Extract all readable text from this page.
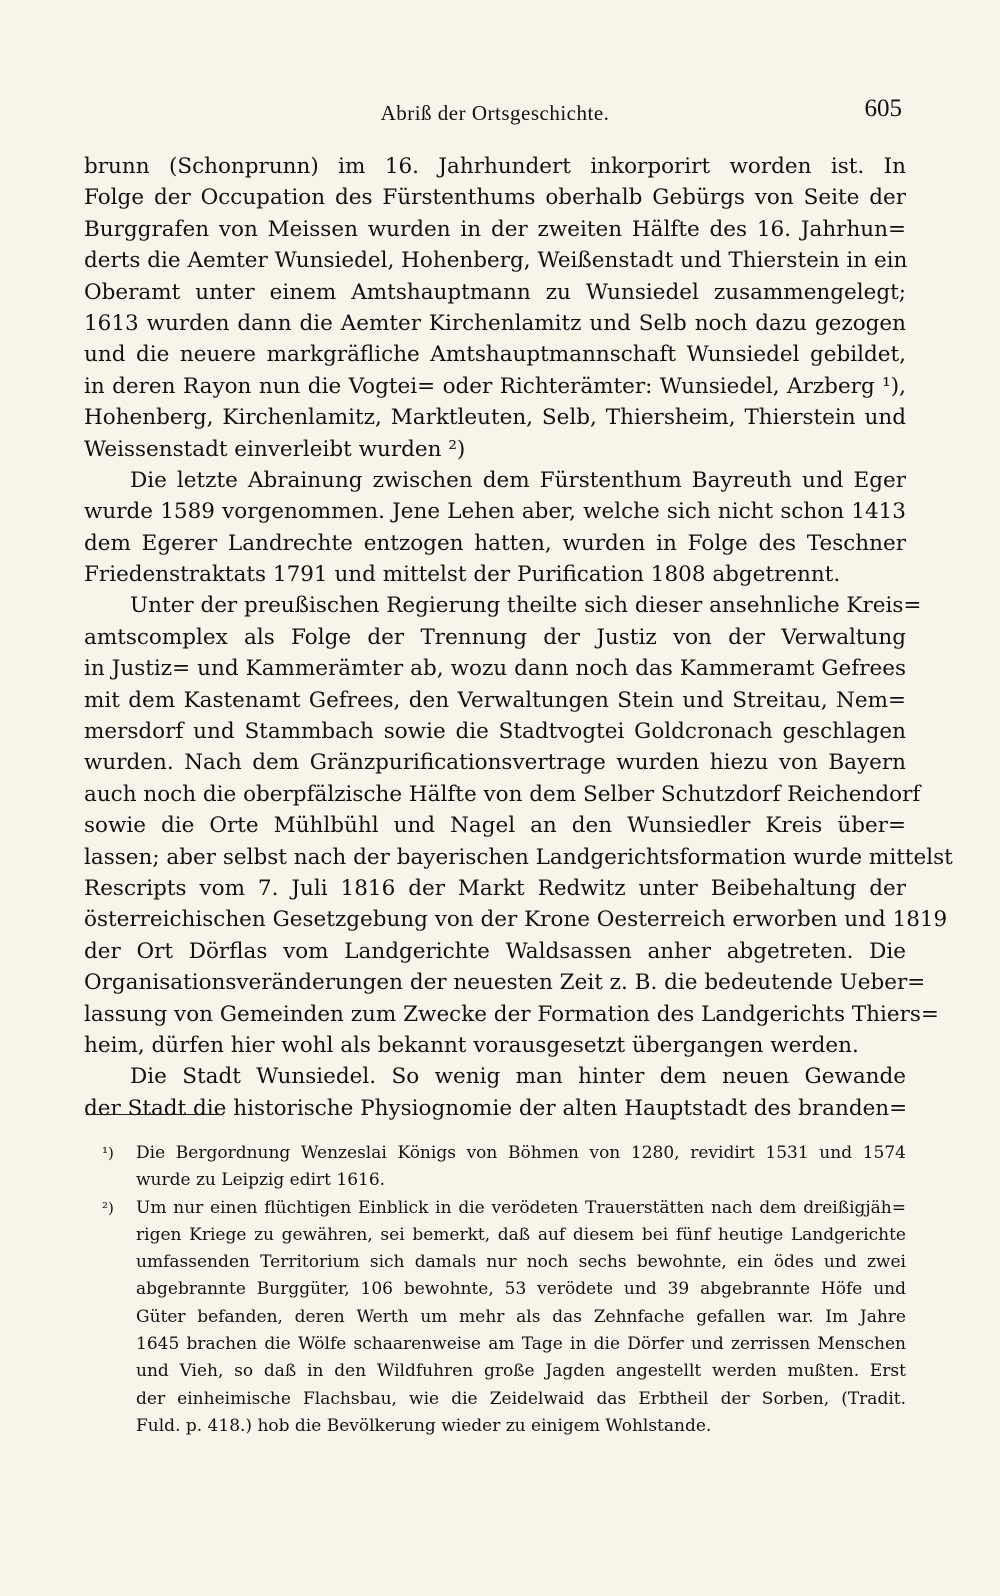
Abriß der Ortsgeschichte.	605
brunn (Schonprunn) im 16. Jahrhundert inkorporirt worden ist. In
Folge der Occupation des Fürstenthums oberhalb Gebürgs von Seite der
Burggrafen von Meissen wurden in der zweiten Hälfte des 16. Jahrhun=
derts die Aemter Wunsiedel, Hohenberg, Weißenstadt und Thierstein in ein
Oberamt unter einem Amtshauptmann zu Wunsiedel zusammengelegt;
1613 wurden dann die Aemter Kirchenlamitz und Selb noch dazu gezogen
und die neuere markgräfliche Amtshauptmannschaft Wunsiedel gebildet,
in deren Rayon nun die Vogtei= oder Richterämter: Wunsiedel, Arzberg ¹),
Hohenberg, Kirchenlamitz, Marktleuten, Selb, Thiersheim, Thierstein und
Weissenstadt einverleibt wurden ²)
Die letzte Abrainung zwischen dem Fürstenthum Bayreuth und Eger
wurde 1589 vorgenommen. Jene Lehen aber, welche sich nicht schon 1413
dem Egerer Landrechte entzogen hatten, wurden in Folge des Teschner
Friedenstraktats 1791 und mittelst der Purification 1808 abgetrennt.
Unter der preußischen Regierung theilte sich dieser ansehnliche Kreis=
amtscomplex als Folge der Trennung der Justiz von der Verwaltung
in Justiz= und Kammerämter ab, wozu dann noch das Kammeramt Gefrees
mit dem Kastenamt Gefrees, den Verwaltungen Stein und Streitau, Nem=
mersdorf und Stammbach sowie die Stadtvogtei Goldcronach geschlagen
wurden. Nach dem Gränzpurificationsvertrage wurden hiezu von Bayern
auch noch die oberpfälzische Hälfte von dem Selber Schutzdorf Reichendorf
sowie die Orte Mühlbühl und Nagel an den Wunsiedler Kreis über=
lassen; aber selbst nach der bayerischen Landgerichtsformation wurde mittelst
Rescripts vom 7. Juli 1816 der Markt Redwitz unter Beibehaltung der
österreichischen Gesetzgebung von der Krone Oesterreich erworben und 1819
der Ort Dörflas vom Landgerichte Waldsassen anher abgetreten. Die
Organisationsveränderungen der neuesten Zeit z. B. die bedeutende Ueber=
lassung von Gemeinden zum Zwecke der Formation des Landgerichts Thiers=
heim, dürfen hier wohl als bekannt vorausgesetzt übergangen werden.
Die Stadt Wunsiedel. So wenig man hinter dem neuen Gewande
der Stadt die historische Physiognomie der alten Hauptstadt des branden=
¹) Die Bergordnung Wenzeslai Königs von Böhmen von 1280, revidirt 1531 und 1574
wurde zu Leipzig edirt 1616.
²) Um nur einen flüchtigen Einblick in die verödeten Trauerstätten nach dem dreißigjäh=
rigen Kriege zu gewähren, sei bemerkt, daß auf diesem bei fünf heutige Landgerichte
umfassenden Territorium sich damals nur noch sechs bewohnte, ein ödes und zwei
abgebrannte Burggüter, 106 bewohnte, 53 verödete und 39 abgebrannte Höfe und
Güter befanden, deren Werth um mehr als das Zehnfache gefallen war. Im Jahre
1645 brachen die Wölfe schaarenweise am Tage in die Dörfer und zerrissen Menschen
und Vieh, so daß in den Wildfuhren große Jagden angestellt werden mußten. Erst
der einheimische Flachsbau, wie die Zeidelwaid das Erbtheil der Sorben, (Tradit.
Fuld. p. 418.) hob die Bevölkerung wieder zu einigem Wohlstande.
